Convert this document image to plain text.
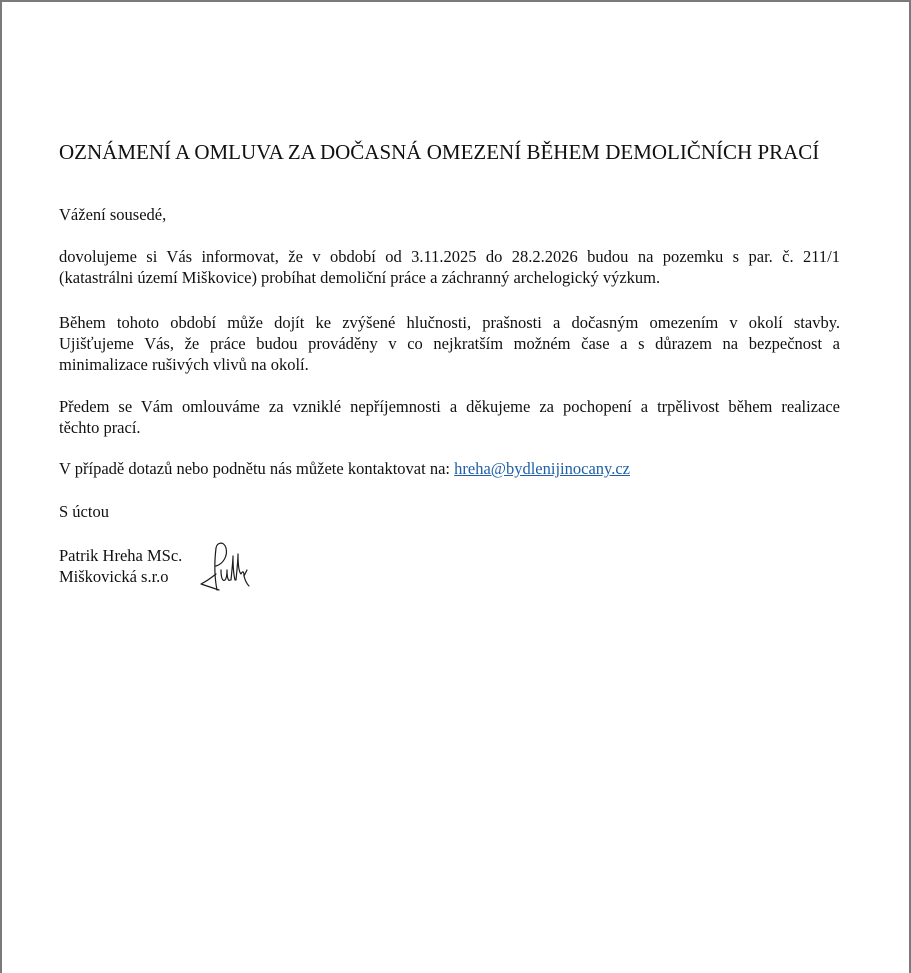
OZNÁMENÍ A OMLUVA ZA DOČASNÁ OMEZENÍ BĚHEM DEMOLIČNÍCH PRACÍ
Vážení sousedé,
dovolujeme si Vás informovat, že v období od 3.11.2025 do 28.2.2026 budou na pozemku s par. č. 211/1
(katastrálni území Miškovice) probíhat demoliční práce a záchranný archelogický výzkum.
Během tohoto období může dojít ke zvýšené hlučnosti, prašnosti a dočasným omezením v okolí stavby.
Ujišťujeme Vás, že práce budou prováděny v co nejkratším možném čase a s důrazem na bezpečnost a
minimalizace rušivých vlivů na okolí.
Předem se Vám omlouváme za vzniklé nepříjemnosti a děkujeme za pochopení a trpělivost během realizace
těchto prací.
V případě dotazů nebo podnětu nás můžete kontaktovat na: hreha@bydlenijinocany.cz
S úctou
Patrik Hreha MSc.
Miškovická s.r.o
